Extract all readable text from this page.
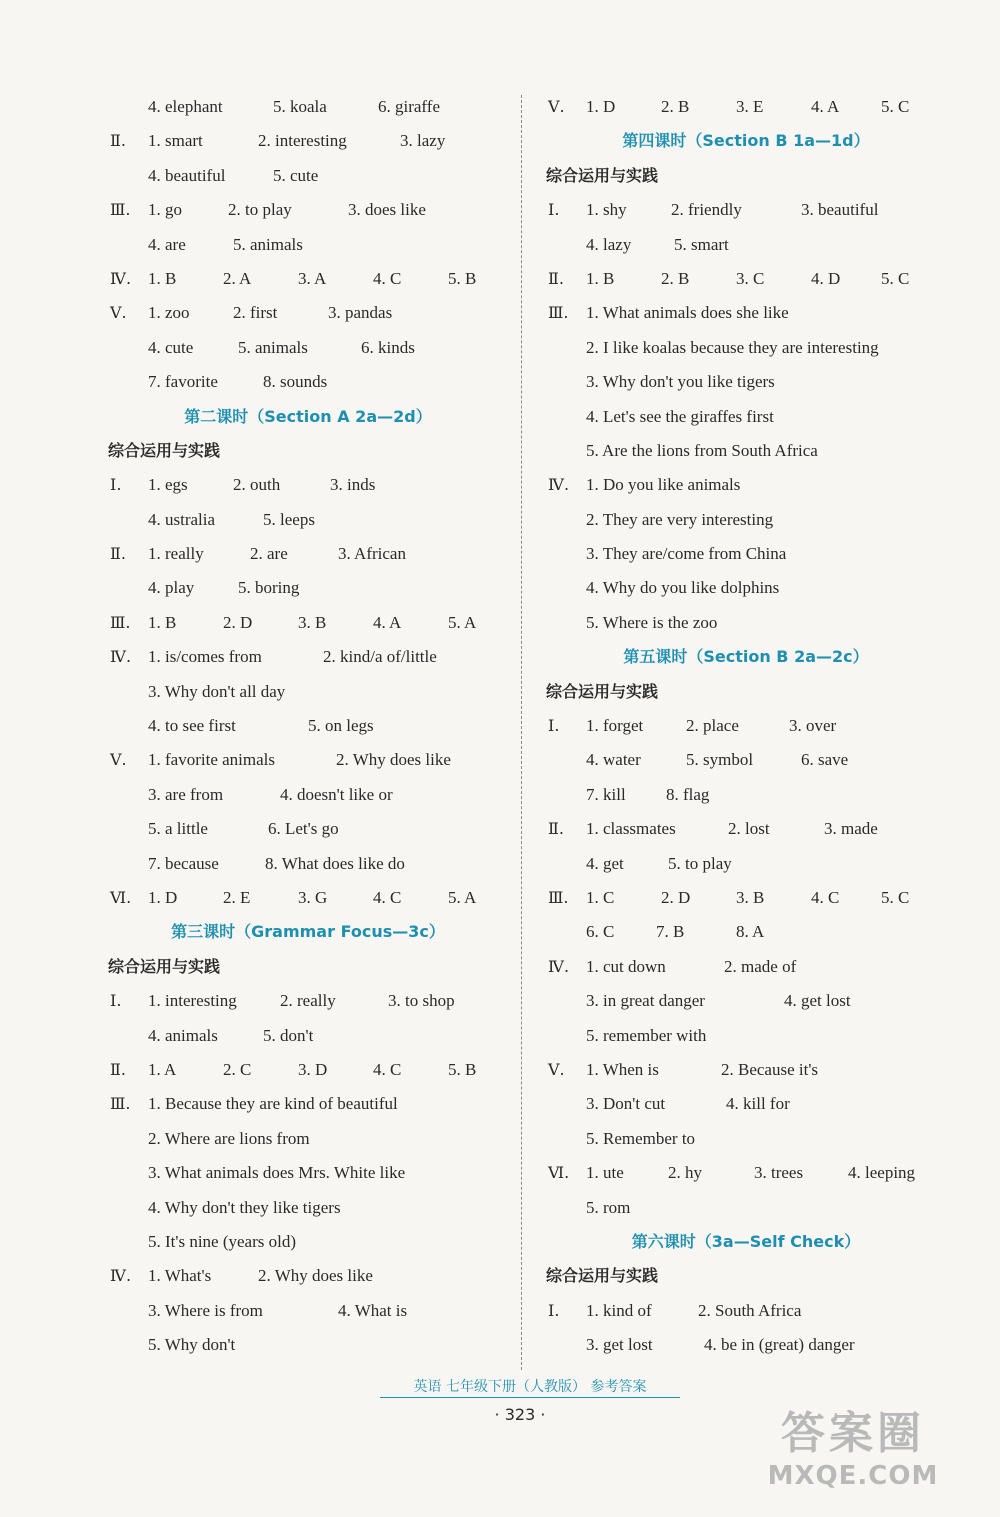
4. elephant	5. koala	6. giraffe
Ⅱ. 1. smart	2. interesting	3. lazy
4. beautiful	5. cute
Ⅲ. 1. go	2. to play	3. does like
4. are	5. animals
Ⅳ. 1. B	2. A	3. A	4. C	5. B
Ⅴ. 1. zoo	2. first	3. pandas
4. cute	5. animals	6. kinds
7. favorite	8. sounds
第二课时（Section A 2a—2d）
综合运用与实践
Ⅰ. 1. egs	2. outh	3. inds
4. ustralia	5. leeps
Ⅱ. 1. really	2. are	3. African
4. play	5. boring
Ⅲ. 1. B	2. D	3. B	4. A	5. A
Ⅳ. 1. is/comes from	2. kind/a of/little
3. Why don't all day
4. to see first	5. on legs
Ⅴ. 1. favorite animals	2. Why does like
3. are from	4. doesn't like or
5. a little	6. Let's go
7. because	8. What does like do
Ⅵ. 1. D	2. E	3. G	4. C	5. A
第三课时（Grammar Focus—3c）
综合运用与实践
Ⅰ. 1. interesting	2. really	3. to shop
4. animals	5. don't
Ⅱ. 1. A	2. C	3. D	4. C	5. B
Ⅲ. 1. Because they are kind of beautiful
2. Where are lions from
3. What animals does Mrs. White like
4. Why don't they like tigers
5. It's nine (years old)
Ⅳ. 1. What's	2. Why does like
3. Where is from	4. What is
5. Why don't
Ⅴ. 1. D	2. B	3. E	4. A 5. C
第四课时（Section B 1a—1d）
综合运用与实践
Ⅰ. 1. shy	2. friendly	3. beautiful
4. lazy	5. smart
Ⅱ. 1. B	2. B	3. C	4. D 5. C
Ⅲ. 1. What animals does she like
2. I like koalas because they are interesting
3. Why don't you like tigers
4. Let's see the giraffes first
5. Are the lions from South Africa
Ⅳ. 1. Do you like animals
2. They are very interesting
3. They are/come from China
4. Why do you like dolphins
5. Where is the zoo
第五课时（Section B 2a—2c）
综合运用与实践
Ⅰ. 1. forget	2. place	3. over
4. water	5. symbol	6. save
7. kill 8. flag
Ⅱ. 1. classmates	2. lost	3. made
4. get	5. to play
Ⅲ. 1. C	2. D	3. B	4. C 5. C
6. C 7. B	8. A
Ⅳ. 1. cut down	2. made of
3. in great danger	4. get lost
5. remember with
Ⅴ. 1. When is	2. Because it's
3. Don't cut	4. kill for
5. Remember to
Ⅵ. 1. ute	2. hy	3. trees	4. leeping
5. rom
第六课时（3a—Self Check）
综合运用与实践
Ⅰ. 1. kind of	2. South Africa
3. get lost	4. be in (great) danger
英语 七年级下册（人教版） 参考答案
· 323 ·	答案圈
MXQE.COM
